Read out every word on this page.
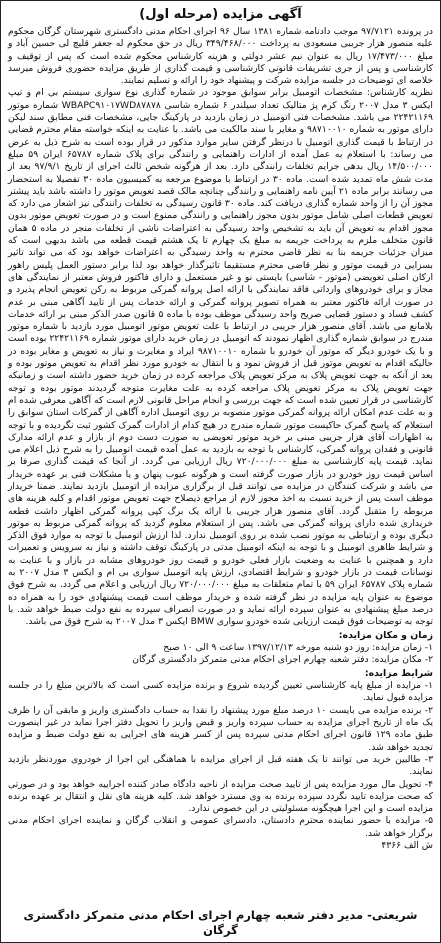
آگهی مزایده (مرحله اول)

در پرونده ۹۷/۷۱۲۱ موجب دادنامه شماره ۱۳۸۱ سال ۹۶ اجرای احکام مدنی دادگستری شهرستان گرگان محکوم علیه منصور هزار جریبی مسعودی به پرداخت ۳۴۹/۴۶۸/۰۰۰ ریال در حق محکوم له جعفر قلیچ لی حسین آباد و مبلغ ۱۷/۴۷۳/۰۰۰ ریال به عنوان نیم عشر دولتی و هزینه کارشناس محکوم شده است که پس از توقیف و کارشناسی و پس از جری تشریفات قانونی کارشناسی و قیمت گذاری از طریق مزایده حضوری فروش میرسد خلاصه ای توضیحات در جلسه مزایده شرکت و پیشنهاد خود را ارائه و تسلیم نمایند.

نظریه کارشناس: مشخصات اتومبیل برابر سوابق موجود در شماره گذاری نوع سواری سیستم بی ام و تیپ ایکس ۳ مدل ۲۰۰۷ رنگ کرم پژ متالیک تعداد سیلندر ۶ شماره شاسی WBAPC۹۱۰۱۷WD۸۷۸۷۸ شماره موتور ۲۲۴۲۱۱۶۹ می باشد. مشخصات فنی اتومبیل در زمان بازدید در پارکینگ جایی، مشخصات فنی مطابق سند لیکن دارای موتور به شماره ۹۸۷۱۰۰۱۰ و مغایر با سند مالکیت می باشد. با عنایت به اینکه خواسته مقام محترم قضایی در ارتباط با قیمت گذاری اتومبیل با درنظر گرفتن سایر موارد مذکور در قرار بوده است به شرح ذیل به عرض می رساند: با استعلام به عمل آمده از ادارات راهنمایی و رانندگی برای پلاک شماره ۶۵۷۸۷ ایران ۵۹ مبلغ ۱۴/۵۰۰/۰۰۰ ریال بدهی جرایم تخلفات رانندگی دارد. بعد از هرگونه شخص ثالث اجرای از تاریخ ۹۷/۹/۱ بعد از مدت شش ماه تمدید شده است. ماده ۳۰ در ارتباط با موضوع مرجعه به کمیسیون ماده ۳۰ تفصیلا به استحضار می رسانند برابر ماده ۲۱ آیین نامه راهنمایی و رانندگی چنانچه مالک قصد تعویض موتور را داشته باشد باید پیشتر مجوز آن را از واحد شماره گذاری دریافت کند. ماده ۳۰ قانون رسیدگی به تخلفات رانندگی نیز اشعار می دارد که تعویض قطعات اصلی شامل موتور بدون مجوز راهنمایی و رانندگی ممنوع است و در صورت تعویض موتور بدون مجوز اقدام به تعویض آن باید به تشخیص واحد رسیدگی به اعتراضات ناشی از تخلفات منجر در ماده ۵ همان قانون متخلف ملزم به پرداخت جریمه به مبلغ یک چهارم تا یک هشتم قیمت قطعه می باشد بدیهی است که میزان جزئیات جریمه بنا به نظر قاضی محترم به واحد رسیدگی به اعتراضات خواهد بود که می تواند تاثیر بسزایی در قیمت موتور و نظر قاضی محترم مستقیما تاثیرگذار خواهد بود لذا برابر دستور العمل پلیس راهور ارکان اصلی تعویضی (موتور - شاسی) بایستی نو و غیر مستعمل و دارای فاکتور فروش معتبر از نمایندگی های مجاز و برای خودروهای وارداتی فاقد نمایندگی با ارائه اصل پروانه گمرکی مربوط به رکن تعویض انجام پذیرد و در صورت ارائه فاکتور معتبر به همراه تصویر پروانه گمرکی و ارائه خدمات پس از تایید آگاهی مبنی بر عدم کشف فساد و دستور قضایی صریح واحد رسیدگی موظف بوده با ماده ۵ قانون صدر الذکر مبنی بر ارائه خدمات بلامانع می باشد. آقای منصور هزار جریبی در ارتباط با علت تعویض موتور اتومبیل مورد بازدید با شماره موتور مندرج در سوابق شماره گذاری اظهار نمودند که اتومبیل در زمان خرید دارای موتور شماره ۲۲۴۲۱۱۶۹ بوده است و با یک خودرو دیگر که موتور آن خودرو با شماره ۹۸۷۱۰۰۱۰ ایراد و مغایرت و نیاز به تعویض و مغایر بوده در حالیکه اقدام به تعویض موتور قبل از فروش نمود و با انتقال به خودرو مورد نظر اقدام به تعویض موتور بوده و بعد از آنکه به جهت تعویض پلاک به مرکز تعویض پلاک مراجعه کرده در زمان خرید حضور داشته است و زمانیکه جهت تعویض پلاک به مرکز تعویض پلاک مراجعه کرده به علت مغایرت متوجه گردیدند موتور بوده و توجه کارشناسی در قرار تعیین شده است که جهت بررسی و انجام مراحل قانونی لازم است که آگاهی معرفی شده ام و به علت عدم امکان ارائه پروانه گمرکی موتور منصوبه بر روی اتومبیل اداره آگاهی از گمرکات استان سوابق را استعلام که پاسخ گمرک حاکیست موتور شماره مندرج در هیچ کدام از ادارات گمرک کشور ثبت نگردیده و با توجه به اظهارات آقای هزار جریبی مبنی بر خرید موتور تعویضی به صورت دست دوم از بازار و عدم ارائه مدارک قانونی و فقدان پروانه گمرکی، کارشناس با توجه به بازدید به عمل آمده قیمت اتومبیل را به شرح ذیل اعلام می نماید. قیمت پایه کارشناسی به مبلغ ۷۲۰/۰۰۰/۰۰۰ ریال ارزیابی می گردد. از آنجا که قیمت گذاری صرفا بر اساس قیمت روز خودرو در بازار صورت گرفته است و هرگونه عیوب پنهان و یا مشکلات فنی بر عهده خریدار می باشد و شرکت کنندگان در مزایده می توانند قبل از برگزاری مزایده از اتومبیل بازدید نمایند. ضمنا خریدار موظف است پس از خرید نسبت به اخذ مجوز لازم از مراجع ذیصلاح جهت تعویض موتور اقدام و کلیه هزینه های مربوطه را متقبل گردد. آقای منصور هزار جریبی با ارائه یک برگ کپی پروانه گمرکی اظهار داشت قطعه خریداری شده دارای پروانه گمرکی می باشد. پس از استعلام معلوم گردید که پروانه گمرکی مربوط به موتور دیگری بوده و ارتباطی به موتور نصب شده بر روی اتومبیل ندارد. لذا ارزش اتومبیل با توجه به موارد فوق الذکر و شرایط ظاهری اتومبیل و با توجه به اینکه اتومبیل مدتی در پارکینگ توقف داشته و نیاز به سرویس و تعمیرات دارد و همچنین با عنایت به وضعیت بازار فعلی خودرو و قیمت روز خودروهای مشابه در بازار و با عنایت به نوسانات قیمت در بازار خودرو و شرایط اقتصادی، ارزش پایه اتومبیل سواری بی ام و ایکس ۳ مدل ۲۰۰۷ به شماره پلاک ۶۵۷۸۷ ایران ۵۹ با تمام متعلقات به مبلغ ۷۲۰/۰۰۰/۰۰۰ ریال ارزیابی و اعلام می گردد. به شرح فوق موضوع به عنوان پایه مزایده در نظر گرفته شده و خریدار موظف است قیمت پیشنهادی خود را به همراه ده درصد مبلغ پیشنهادی به عنوان سپرده ارائه نماید و در صورت انصراف سپرده به نفع دولت ضبط خواهد شد. با توجه به توضیحات فوق قیمت ارزیابی شده خودرو سواری BMW ایکس ۳ مدل ۲۰۰۷ به شرح فوق می باشد.

زمان و مکان مزایده:

۱- زمان مزایده: روز دو شنبه مورخه ۱۳۹۷/۱۲/۱۳ ساعت ۹ الی ۱۰ صبح

۲- مکان مزایده: دفتر شعبه چهارم اجرای احکام مدنی متمرکز دادگستری گرگان

شرایط مزایده:

۱- مزایده از مبلغ پایه کارشناسی تعیین گردیده شروع و برنده مزایده کسی است که بالاترین مبلغ را در جلسه مزایده قبول نماید.

۲- برنده مزایده می بایست ۱۰ درصد مبلغ مورد پیشنهاد را نقدا به حساب دادگستری واریز و مابقی آن را ظرف یک ماه از تاریخ اجرای مزایده به حساب سپرده واریز و قبض واریز را تحویل دفتر اجرا نماید در غیر اینصورت طبق ماده ۱۲۹ قانون اجرای احکام مدنی سپرده پس از کسر هزینه های اجرایی به نفع دولت ضبط و مزایده تجدید خواهد شد.

۳- طالبین خرید می توانند تا یک هفته قبل از اجرای مزایده با هماهنگی این اجرا از خودروی موردنظر بازدید نمایند.

۴- تحویل مال مورد مزایده پس از تایید صحت مزایده از ناحیه دادگاه صادر کننده اجراییه خواهد بود و در صورتی که صحت مزایده تایید نگردد سپرده برنده به وی مسترد خواهد شد. کلیه هزینه های نقل و انتقال بر عهده برنده مزایده است و این اجرا هیچگونه مسئولیتی در این خصوص ندارد.

۵- مزایده با حضور نماینده محترم دادستان، دادسرای عمومی و انقلاب گرگان و نماینده اجرای احکام مدنی برگزار خواهد شد.

ش الف ۴۳۶۶

شریعتی- مدیر دفتر شعبه چهارم اجرای احکام مدنی متمرکز دادگستری گرگان
